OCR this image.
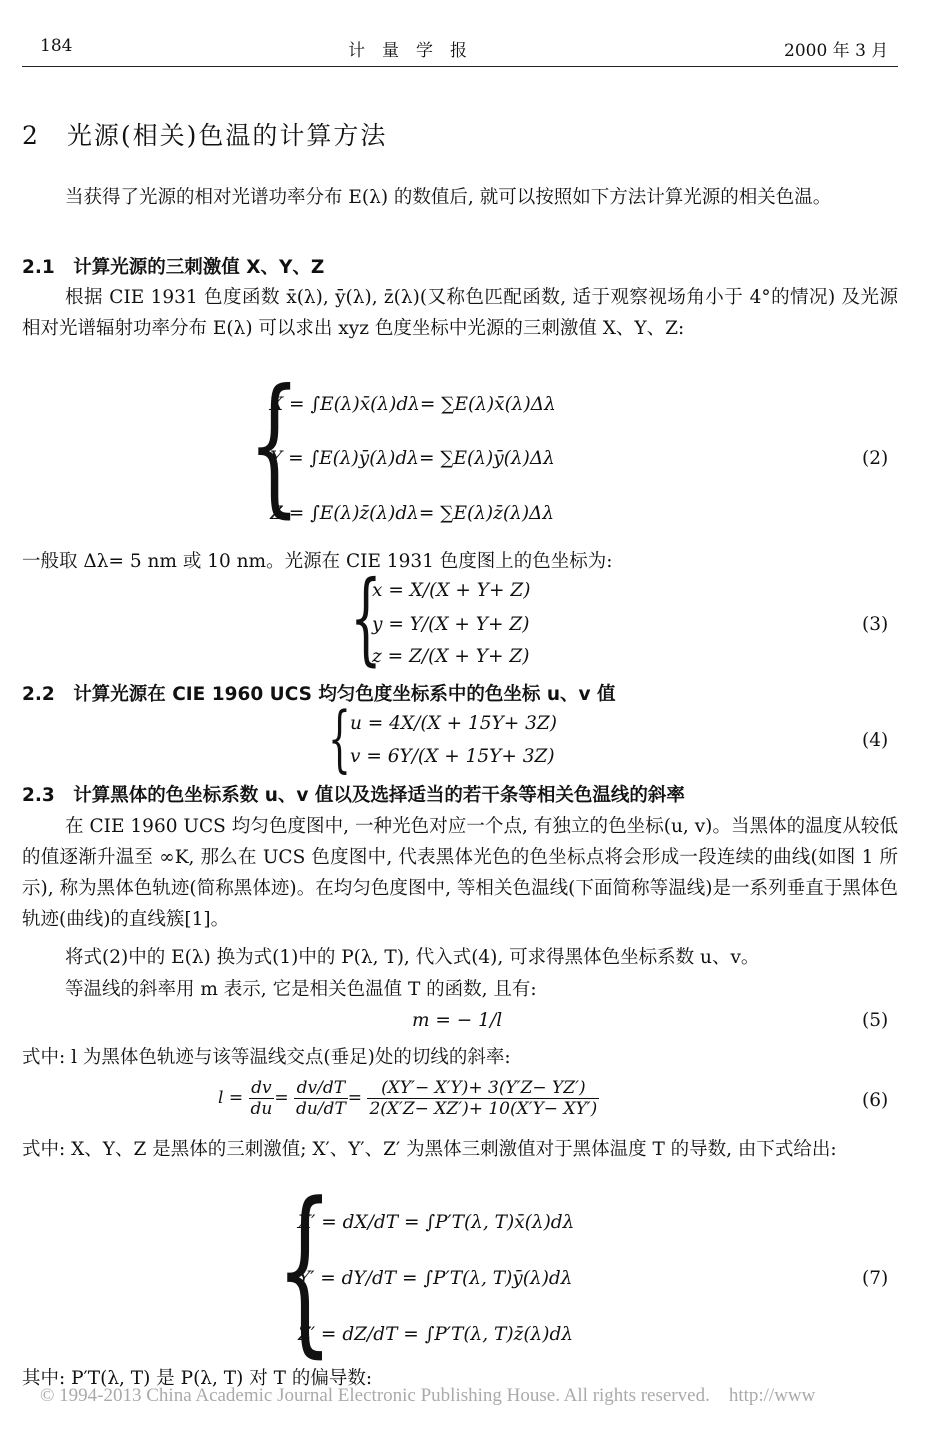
184	计　量　学　报	2000 年 3 月
2　光源(相关)色温的计算方法
当获得了光源的相对光谱功率分布 E(λ) 的数值后, 就可以按照如下方法计算光源的相关色温。
2.1　计算光源的三刺激值 X、Y、Z
根据 CIE 1931 色度函数 x̄(λ), ȳ(λ), z̄(λ)(又称色匹配函数, 适于观察视场角小于 4°的情况) 及光源相对光谱辐射功率分布 E(λ) 可以求出 xyz 色度坐标中光源的三刺激值 X、Y、Z:
{
X = ∫E(λ)x̄(λ)dλ= ∑E(λ)x̄(λ)Δλ
Y = ∫E(λ)ȳ(λ)dλ= ∑E(λ)ȳ(λ)Δλ
Z = ∫E(λ)z̄(λ)dλ= ∑E(λ)z̄(λ)Δλ
(2)
一般取 Δλ= 5 nm 或 10 nm。光源在 CIE 1931 色度图上的色坐标为:
{
x = X/(X + Y+ Z)
y = Y/(X + Y+ Z)
z = Z/(X + Y+ Z)
(3)
2.2　计算光源在 CIE 1960 UCS 均匀色度坐标系中的色坐标 u、v 值
{ u = 4X/(X + 15Y+ 3Z)
v = 6Y/(X + 15Y+ 3Z)
(4)
2.3　计算黑体的色坐标系数 u、v 值以及选择适当的若干条等相关色温线的斜率
在 CIE 1960 UCS 均匀色度图中, 一种光色对应一个点, 有独立的色坐标(u, v)。当黑体的温度从较低的值逐渐升温至 ∞K, 那么在 UCS 色度图中, 代表黑体光色的色坐标点将会形成一段连续的曲线(如图 1 所示), 称为黑体色轨迹(简称黑体迹)。在均匀色度图中, 等相关色温线(下面简称等温线)是一系列垂直于黑体色轨迹(曲线)的直线簇[1]。
将式(2)中的 E(λ) 换为式(1)中的 P(λ, T), 代入式(4), 可求得黑体色坐标系数 u、v。
等温线的斜率用 m 表示, 它是相关色温值 T 的函数, 且有:
m = − 1/l	(5)
式中: l 为黑体色轨迹与该等温线交点(垂足)处的切线的斜率:
$l = \frac{dv}{du} = \frac{dv/dT}{du/dT} = \frac{(XY'- X'Y)+ 3(Y'Z- YZ')}{2(X'Z- XZ')+ 10(X'Y- XY')}$	(6)
式中: X、Y、Z 是黑体的三刺激值; X′、Y′、Z′ 为黑体三刺激值对于黑体温度 T 的导数, 由下式给出:
{
X′ = dX/dT = ∫P′T(λ, T)x̄(λ)dλ
Y′ = dY/dT = ∫P′T(λ, T)ȳ(λ)dλ
Z′ = dZ/dT = ∫P′T(λ, T)z̄(λ)dλ
(7)
其中: P′T(λ, T) 是 P(λ, T) 对 T 的偏导数:
© 1994-2013 China Academic Journal Electronic Publishing House. All rights reserved.　http://www
